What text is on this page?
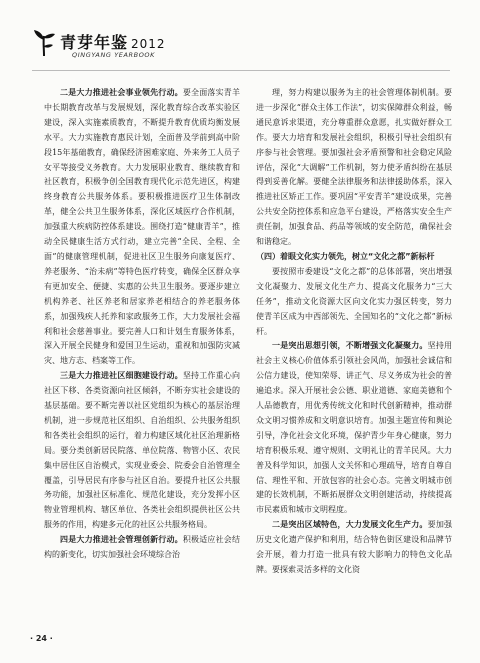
青芽年鉴 2012
QINGYANG YEARBOOK

二是大力推进社会事业领先行动。要全面落实青羊中长期教育改革与发展规划，深化教育综合改革实验区建设，深入实施素质教育，不断提升教育优质均衡发展水平。大力实施教育惠民计划，全面普及学前到高中阶段15年基础教育，确保经济困难家庭、外来务工人员子女平等接受义务教育。大力发展职业教育、继续教育和社区教育，积极争创全国教育现代化示范先进区，构建终身教育公共服务体系。要积极推进医疗卫生体制改革，健全公共卫生服务体系，深化区域医疗合作机制，加强重大疾病防控体系建设。围绕打造“健康青羊”，推动全民健康生活方式行动，建立完善“全民、全程、全面”的健康管理机制，促进社区卫生服务向康复医疗、养老服务、“治未病”等特色医疗转变，确保全区群众享有更加安全、便捷、实惠的公共卫生服务。要逐步建立机构养老、社区养老和居家养老相结合的养老服务体系，加强残疾人托养和家政服务工作，大力发展社会福利和社会慈善事业。要完善人口和计划生育服务体系，深入开展全民健身和爱国卫生运动，重视和加强防灾减灾、地方志、档案等工作。

三是大力推进社区细胞建设行动。坚持工作重心向社区下移、各类资源向社区倾斜，不断夯实社会建设的基层基础。要不断完善以社区党组织为核心的基层治理机制，进一步规范社区组织、自治组织、公共服务组织和各类社会组织的运行，着力构建区域化社区治理新格局。要分类创新居民院落、单位院落、物管小区、农民集中居住区自治模式，实现业委会、院委会自治管理全覆盖，引导居民有序参与社区自治。要提升社区公共服务功能，加强社区标准化、规范化建设，充分发挥小区物业管理机构、辖区单位、各类社会组织提供社区公共服务的作用，构建多元化的社区公共服务格局。

四是大力推进社会管理创新行动。积极适应社会结构的新变化，切实加强社会环境综合治

理，努力构建以服务为主的社会管理体制机制。要进一步深化“群众主体工作法”，切实保障群众利益，畅通民意诉求渠道，充分尊重群众意愿，扎实做好群众工作。要大力培育和发展社会组织，积极引导社会组织有序参与社会管理。要加强社会矛盾预警和社会稳定风险评估，深化“大调解”工作机制，努力使矛盾纠纷在基层得到妥善化解。要健全法律服务和法律援助体系，深入推进社区矫正工作。要巩固“平安青羊”建设成果，完善公共安全防控体系和应急平台建设，严格落实安全生产责任制，加强食品、药品等领域的安全防范，确保社会和谐稳定。

（四）着眼文化实力领先，树立“文化之都”新标杆

要按照市委建设“文化之都”的总体部署，突出增强文化凝聚力、发展文化生产力、提高文化服务力“三大任务”，推动文化资源大区向文化实力强区转变，努力使青羊区成为中西部领先、全国知名的“文化之都”新标杆。

一是突出思想引领，不断增强文化凝聚力。坚持用社会主义核心价值体系引领社会风尚，加强社会诚信和公信力建设，使知荣辱、讲正气、尽义务成为社会的普遍追求。深入开展社会公德、职业道德、家庭美德和个人品德教育，用优秀传统文化和时代创新精神，推动群众文明习惯养成和文明意识培育。加强主题宣传和舆论引导，净化社会文化环境，保护青少年身心健康，努力培育积极乐观、遵守规则、文明礼让的青羊民风。大力普及科学知识，加强人文关怀和心理疏导，培育自尊自信、理性平和、开放包容的社会心态。完善文明城市创建的长效机制，不断拓展群众文明创建活动，持续提高市民素质和城市文明程度。

二是突出区域特色，大力发展文化生产力。要加强历史文化遗产保护和利用，结合特色街区建设和品牌节会开展，着力打造一批具有较大影响力的特色文化品牌。要探索灵活多样的文化资

· 24 ·
